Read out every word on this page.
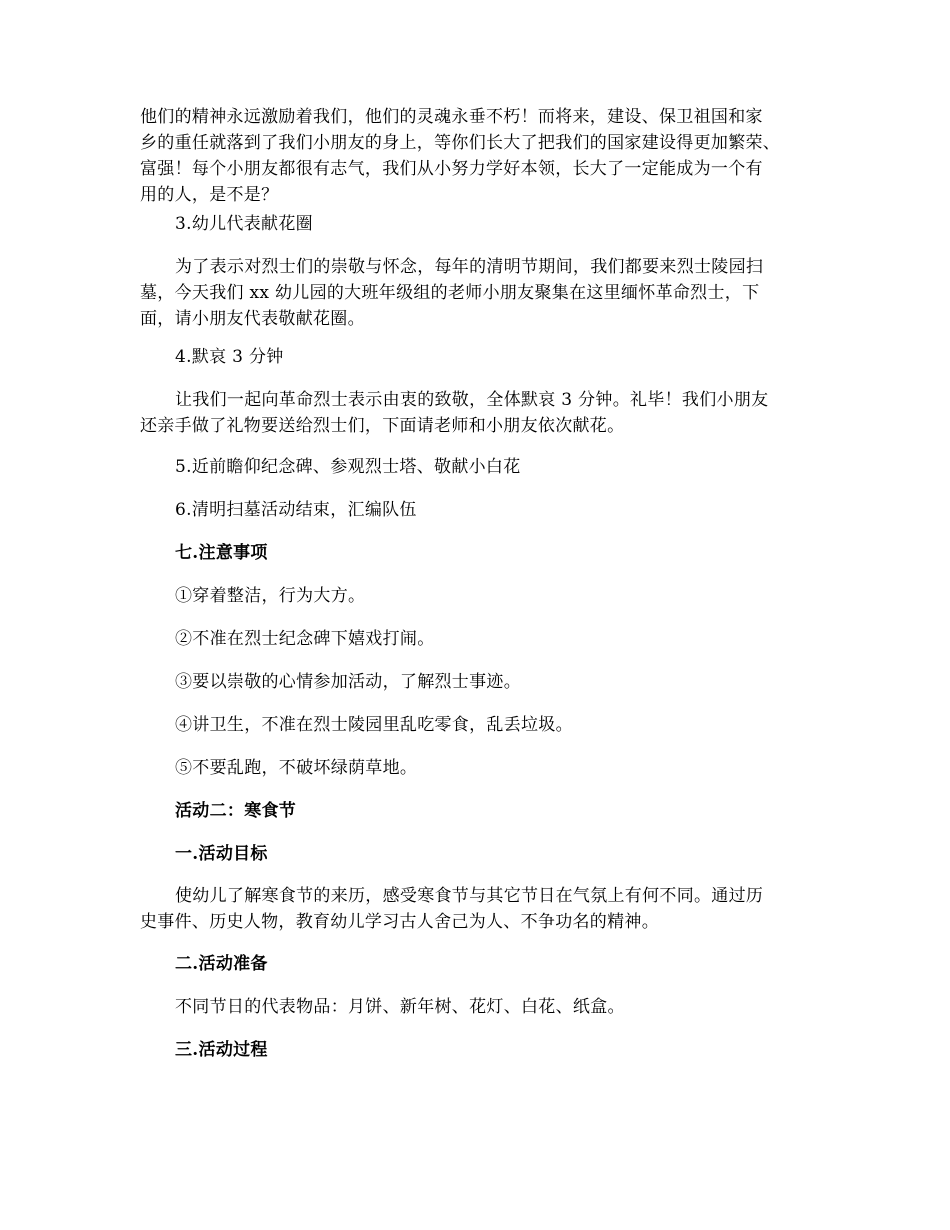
他们的精神永远激励着我们，他们的灵魂永垂不朽！而将来，建设、保卫祖国和家
乡的重任就落到了我们小朋友的身上，等你们长大了把我们的国家建设得更加繁荣、
富强！每个小朋友都很有志气，我们从小努力学好本领，长大了一定能成为一个有
用的人，是不是？

3.幼儿代表献花圈

为了表示对烈士们的崇敬与怀念，每年的清明节期间，我们都要来烈士陵园扫
墓，今天我们 xx 幼儿园的大班年级组的老师小朋友聚集在这里缅怀革命烈士，下
面，请小朋友代表敬献花圈。

4.默哀 3 分钟

让我们一起向革命烈士表示由衷的致敬，全体默哀 3 分钟。礼毕！我们小朋友
还亲手做了礼物要送给烈士们，下面请老师和小朋友依次献花。

5.近前瞻仰纪念碑、参观烈士塔、敬献小白花

6.清明扫墓活动结束，汇编队伍

七.注意事项

①穿着整洁，行为大方。

②不准在烈士纪念碑下嬉戏打闹。

③要以崇敬的心情参加活动，了解烈士事迹。

④讲卫生，不准在烈士陵园里乱吃零食，乱丢垃圾。

⑤不要乱跑，不破坏绿荫草地。

活动二：寒食节

一.活动目标

使幼儿了解寒食节的来历，感受寒食节与其它节日在气氛上有何不同。通过历
史事件、历史人物，教育幼儿学习古人舍己为人、不争功名的精神。

二.活动准备

不同节日的代表物品：月饼、新年树、花灯、白花、纸盒。

三.活动过程
